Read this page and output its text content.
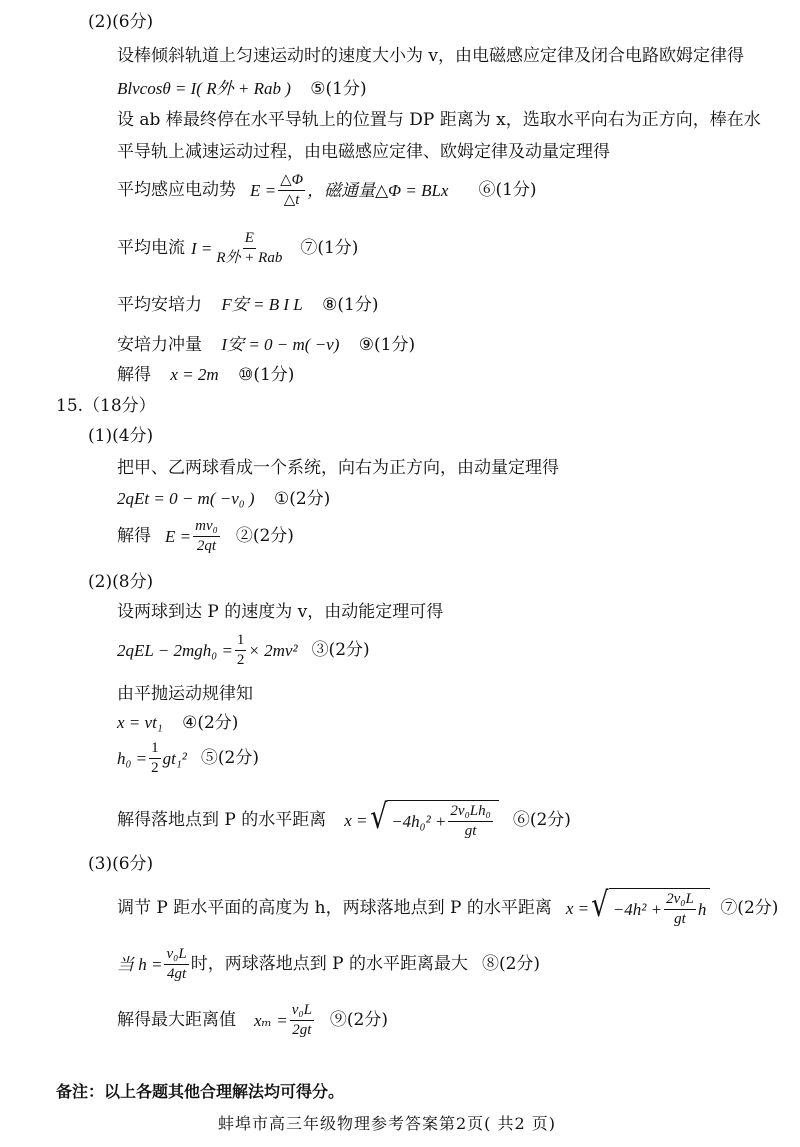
(2)(6分)
设棒倾斜轨道上匀速运动时的速度大小为 v，由电磁感应定律及闭合电路欧姆定律得
Blvcosθ = I( R外 + Rab ) ⑤(1分)
设 ab 棒最终停在水平导轨上的位置与 DP 距离为 x，选取水平向右为正方向，棒在水
平导轨上减速运动过程，由电磁感应定律、欧姆定律及动量定理得
平均感应电动势 $E = \frac{\triangle\Phi}{\triangle t}$ ，磁通量△Φ = BLx ⑥(1分)
平均电流 $I = \frac{E}{\text{R外 + Rab}}$ ⑦(1分)
平均安培力 F安 = B I L ⑧(1分)
安培力冲量 I安 = 0 − m( −v) ⑨(1分)
解得 x = 2m ⑩(1分)
15.（18分）
(1)(4分)
把甲、乙两球看成一个系统，向右为正方向，由动量定理得
2qEt = 0 − m( −v₀ ) ①(2分)
解得 $E = \frac{\text{mv₀}}{2qt}$ ②(2分)
(2)(8分)
设两球到达 P 的速度为 v，由动能定理可得
$2qEL - 2mgh_0 = \frac{1}{2} \times 2mv^2$ ③(2分)
由平抛运动规律知
x = vt₁ ④(2分)
$h_0 = \frac{1}{2} gt_1^2$ ⑤(2分)
解得落地点到 P 的水平距离 x = √ $-4h_0^2 + \frac{\text{2v₀Lh₀}}{gt}$ ⑥(2分)
(3)(6分)
调节 P 距水平面的高度为 h，两球落地点到 P 的水平距离 x = √ $-4h^2 + \frac{\text{2v₀L}}{gt}$ h ⑦(2分)
当 $h = \frac{\text{v₀L}}{4gt}$ 时，两球落地点到 P 的水平距离最大 ⑧(2分)
解得最大距离值 $x_m = \frac{\text{v₀L}}{2gt}$ ⑨(2分)
备注：以上各题其他合理解法均可得分。
蚌埠市高三年级物理参考答案第2页( 共2 页)
